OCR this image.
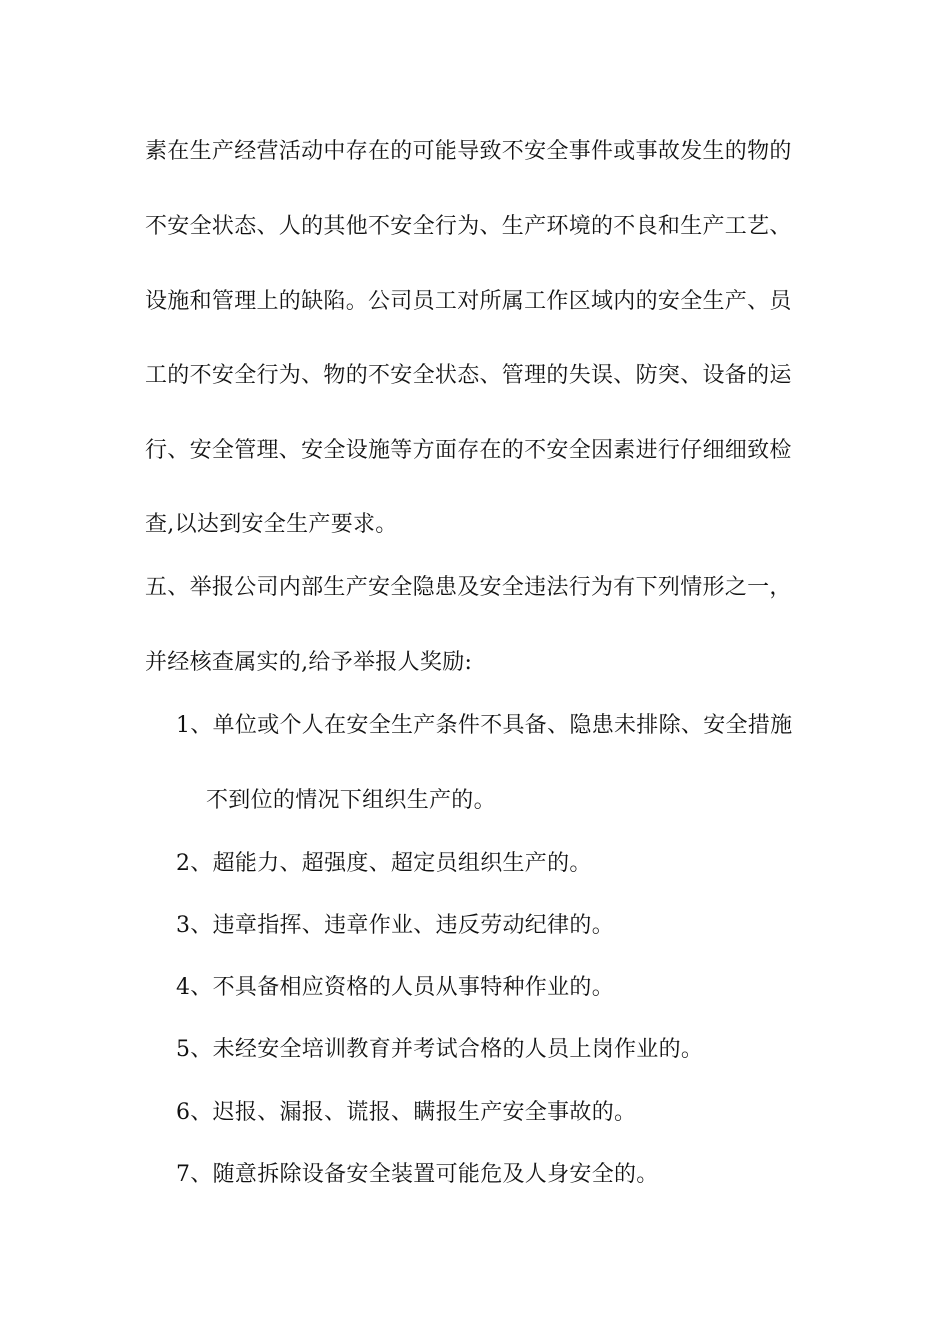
素在生产经营活动中存在的可能导致不安全事件或事故发生的物的
不安全状态、人的其他不安全行为、生产环境的不良和生产工艺、
设施和管理上的缺陷。公司员工对所属工作区域内的安全生产、员
工的不安全行为、物的不安全状态、管理的失误、防突、设备的运
行、安全管理、安全设施等方面存在的不安全因素进行仔细细致检
查,以达到安全生产要求。
五、举报公司内部生产安全隐患及安全违法行为有下列情形之一，
并经核查属实的,给予举报人奖励:
1、单位或个人在安全生产条件不具备、隐患未排除、安全措施
不到位的情况下组织生产的。
2、超能力、超强度、超定员组织生产的。
3、违章指挥、违章作业、违反劳动纪律的。
4、不具备相应资格的人员从事特种作业的。
5、未经安全培训教育并考试合格的人员上岗作业的。
6、迟报、漏报、谎报、瞒报生产安全事故的。
7、随意拆除设备安全装置可能危及人身安全的。
